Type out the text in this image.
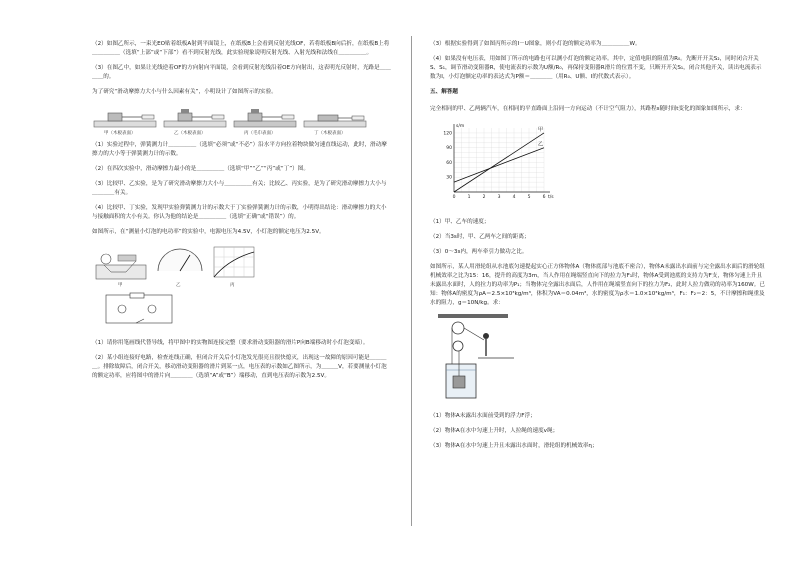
（2）如图乙所示，一束光EO贴着纸板A射到平面镜上，在纸板B上会看到反射光线OF，若将纸板B向后折，在纸板B上将＿＿＿＿＿（选填“上部”或“下部”）看不到反射光线，此实验现象说明反射光线、入射光线和法线在＿＿＿＿＿。

（3）在图乙中，如果让光线逆着OF的方向射向平面镜，会看到反射光线沿着OE方向射出，这表明光反射时，光路是＿＿＿＿的。

为了研究“滑动摩擦力大小与什么因素有关”，小明设计了如图所示的实验。

甲（木板表面）	乙（木板表面）	丙（毛巾表面）	丁（木板表面）

（1）实验过程中，弹簧测力计＿＿＿＿＿（选填“必须”或“不必”）沿水平方向拉着物块做匀速直线运动，此时，滑动摩擦力的大小等于弹簧测力计的示数。

（2）在四次实验中，滑动摩擦力最小的是＿＿＿＿＿（选填“甲”“乙”“丙”或“丁”）图。

（3）比较甲、乙实验，是为了研究滑动摩擦力大小与＿＿＿＿＿有关；比较乙、丙实验，是为了研究滑动摩擦力大小与＿＿＿＿有关。

（4）比较甲、丁实验，发现甲实验弹簧测力计的示数大于丁实验弹簧测力计的示数，小明得出结论：滑动摩擦力的大小与接触面积的大小有关。你认为他的结论是＿＿＿＿＿（选填“正确”或“错误”）的。

如图所示，在“测量小灯泡的电功率”的实验中，电源电压为4.5V，小灯泡的额定电压为2.5V。

甲	乙	丙

（1）请你用笔画线代替导线，将甲图中的实物图连接完整（要求滑动变阻器的滑片P向B端移动时小灯泡变暗）。

（2）某小组连接好电路，检查连线正确，但闭合开关后小灯泡发光很亮且很快熄灭，出现这一故障的原因可能是＿＿＿＿。排除故障后，闭合开关，移动滑动变阻器的滑片到某一点，电压表的示数如乙图所示，为＿＿＿V，若要测量小灯泡的额定功率，应将图中的滑片向＿＿＿＿（选填“A”或“B”）端移动，直到电压表的示数为2.5V。

（3）根据实验得到了如图丙所示的I－U图象，则小灯泡的额定功率为＿＿＿＿＿W。

（4）如果没有电压表，用如图丁所示的电路也可以测小灯泡的额定功率。其中，定值电阻的阻值为R₀。先断开开关S₂，同时闭合开关S、S₁，调节滑动变阻器R，使电流表的示数为U额/R₀，再保持变阻器R滑片的位置不变，只断开开关S₁，闭合其他开关，读出电流表示数为I，小灯泡额定功率的表达式为P额＝＿＿＿＿（用R₀、U额、I的代数式表示）。

五、解答题

完全相同的甲、乙两辆汽车，在相同的平直路面上沿同一方向运动（不计空气阻力），其路程s随时间t变化的图象如图所示，求：

0	1	2	3	4	5	6
30
60
90
120
s/m
t/s
甲
乙

（1）甲、乙车的速度；

（2）当3s时，甲、乙两车之间的距离；

（3）0～3s内，两车牵引力做功之比。

如图所示，某人用滑轮组从水池底匀速提起实心正方体物体A（物体底部与池底不密合），物体A未露出水面前与完全露出水面后的滑轮组机械效率之比为15：16，提升的高度为3m，当人作用在绳端竖直向下的拉力为F₁时，物体A受到池底的支持力为F支，物体匀速上升且未露出水面时，人的拉力的功率为P₁；当物体完全露出水面后，人作用在绳端竖直向下的拉力为F₂，此时人拉力做功的功率为160W。已知：物体A的密度为ρA＝2.5×10³kg/m³，体积为VA＝0.04m³，水的密度为ρ水＝1.0×10³kg/m³，F₁：F₂＝2：5，不计摩擦和绳重及水的阻力，g＝10N/kg。求：

（1）物体A未露出水面前受到的浮力F浮；

（2）物体A在水中匀速上升时，人拉绳的速度v绳；

（3）物体A在水中匀速上升且未露出水面时，滑轮组的机械效率η；
